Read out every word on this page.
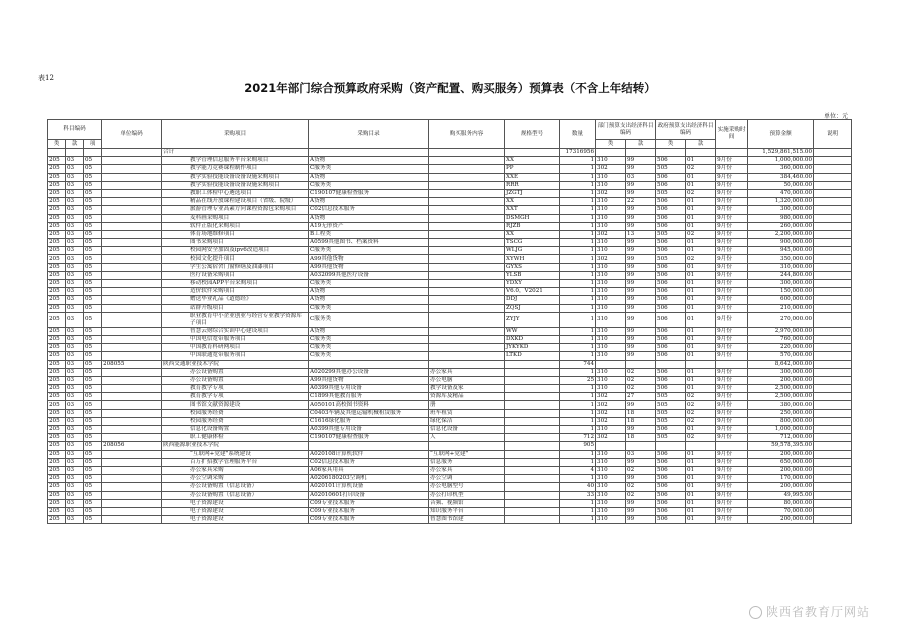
表12
2021年部门综合预算政府采购（资产配置、购买服务）预算表（不含上年结转）
单位：元
科目编码			单位编码	采购项目	采购目录	购买服务内容	规格型号	数量	部门预算支出经济科目编码		政府预算支出经济科目编码		实施采购时间	预算金额	说明
类	款	项							类	款	类	款			
				合计				17316956						1,529,861,515.00	
205	03	05		教学管理信息服务平台采购项目	A货物		XX	1	310	99	506	01	9月份	1,000,000.00	
205	03	05		教学能力竞赛课程制作项目	C服务类		PP	1	302	99	505	02	9月份	360,000.00	
205	03	05		教学实验技能设备设备设施采购项目	A货物		XXE	1	310	03	506	01	9月份	384,460.00	
205	03	05		教学实验技能设备设备设施采购项目	C服务类		RRR	1	310	99	506	01	9月份	50,000.00	
205	03	05		教职工体检中心遴选项目	C190107健康检查服务		JZGTJ	1	302	99	505	02	9月份	470,000.00	
205	03	05		精品在线开放课程建设项目（省级、院级）	A货物		XX	1	310	22	506	01	9月份	1,320,000.00	
205	03	05		旅游管理专业高素方向课程资源包采购项目	C02信息技术服务		XXT	1	310	99	506	01	9月份	300,000.00	
205	03	05		麦科画采购项目	A货物		DSMGH	1	310	99	506	01	9月份	980,000.00	
205	03	05		软件正版化采购项目	A19无形资产		RJZB	1	310	99	506	01	9月份	260,000.00	
205	03	05		体育场地维修项目	B工程类		XX	1	302	13	505	02	9月份	2,200,000.00	
205	03	05		图书采购项目	A0599其他图书、档案资料		TSCG	1	310	99	506	01	9月份	900,000.00	
205	03	05		校园网安全加固及ipv6改造项目	C服务类		WLJG	1	310	99	506	01	9月份	945,000.00	
205	03	05		校园文化提升项目	A99其他货物		XYWH	1	302	99	505	02	9月份	350,000.00	
205	03	05		学生公寓宿舍门窗修缮及油漆项目	A99其他货物		GYXS	1	310	99	506	01	9月份	310,000.00	
205	03	05		医疗设备采购项目	A032099其他医疗设备		YLSB	1	310	99	506	01	9月份	244,800.00	
205	03	05		移动校园APP平台采购项目	C服务类		YDXY	1	310	99	506	01	9月份	300,000.00	
205	03	05		造价软件采购项目	A货物		V6.0，V2021	1	310	99	506	01	9月份	150,000.00	
205	03	05		赠送毕业礼品《道德经》	A货物		DDJ	1	310	99	506	01	9月份	600,000.00	
205	03	05		站群升级项目	C服务类		ZQSJ	1	310	99	506	01	9月份	210,000.00	
205	03	05		职业教育中小企业创业与经营专业教学资源库子项目	C服务类		ZYJY	1	310	99	506	01	9月份	270,000.00	
205	03	05		智慧云财综合实训中心建设项目	A货物		WW	1	310	99	506	01	9月份	2,970,000.00	
205	03	05		中国电信宽带服务项目	C服务类		DXKD	1	310	99	506	01	9月份	760,000.00	
205	03	05		中国教育科研网项目	C服务类		JYKYKD	1	310	99	506	01	9月份	220,000.00	
205	03	05		中国联通宽带服务项目	C服务类		LTKD	1	310	99	506	01	9月份	570,000.00	
205	03	05	208055	陕西交通职业技术学院				744						8,642,000.00	
205	03	05		办公设备购置	A020299其他办公设备	办公家具		1	310	02	506	01	9月份	300,000.00	
205	03	05		办公设备购置	A99其他货物	办公电脑		25	310	02	506	01	9月份	200,000.00	
205	03	05		教育教学专项	A0399其他专用设备	教学设备及家		1	310	02	506	01	9月份	2,500,000.00	
205	03	05		教育教学专项	C1899其他教育服务	资源库及精品		1	302	27	505	02	9月份	2,500,000.00	
205	03	05		图书馆文献资源建设	A050101高校图书资料	册		1	302	99	505	02	9月份	380,000.00	
205	03	05		校园服务经费	C0403车辆及其他运输机械租赁服务	班车租赁		1	302	18	505	02	9月份	250,000.00	
205	03	05		校园服务经费	C1616绿化服务	绿化保洁		1	302	18	505	02	9月份	800,000.00	
205	03	05		信息化设备购置	A0399其他专用设备	信息化设备		1	310	99	506	01	9月份	1,000,000.00	
205	03	05		职工健康体检	C190107健康检查服务	人		712	302	18	505	02	9月份	712,000.00	
205	03	05	208056	陕西能源职业技术学院				905						59,578,395.00	
205	03	05		“互联网+党建”系统建设	A020108计算机软件	“互联网+党建”		1	310	03	506	01	9月份	200,000.00	
205	03	05		百万扩招教学管理服务平台	C02信息技术服务	信息服务		1	310	99	506	01	9月份	650,000.00	
205	03	05		办公家具采购	A06家具用具	办公家具		4	310	02	506	01	9月份	200,000.00	
205	03	05		办公空调采购	A0206180203空调机	办公空调		1	310	99	506	01	9月份	170,000.00	
205	03	05		办公设备购置（信息设备）	A020101计算机设备	办公电脑型号		40	310	02	506	01	9月份	200,000.00	
205	03	05		办公设备购置（信息设备）	A02010601打印设备	办公打印机型		33	310	02	506	01	9月份	49,995.00	
205	03	05		电子资源建设	C09专业技术服务	音频、视频馆		1	310	99	506	01	9月份	80,000.00	
205	03	05		电子资源建设	C09专业技术服务	知识服务平台		1	310	99	506	01	9月份	70,000.00	
205	03	05		电子资源建设	C09专业技术服务	智慧图书馆建		1	310	99	506	01	9月份	200,000.00	
陕西省教育厅网站
